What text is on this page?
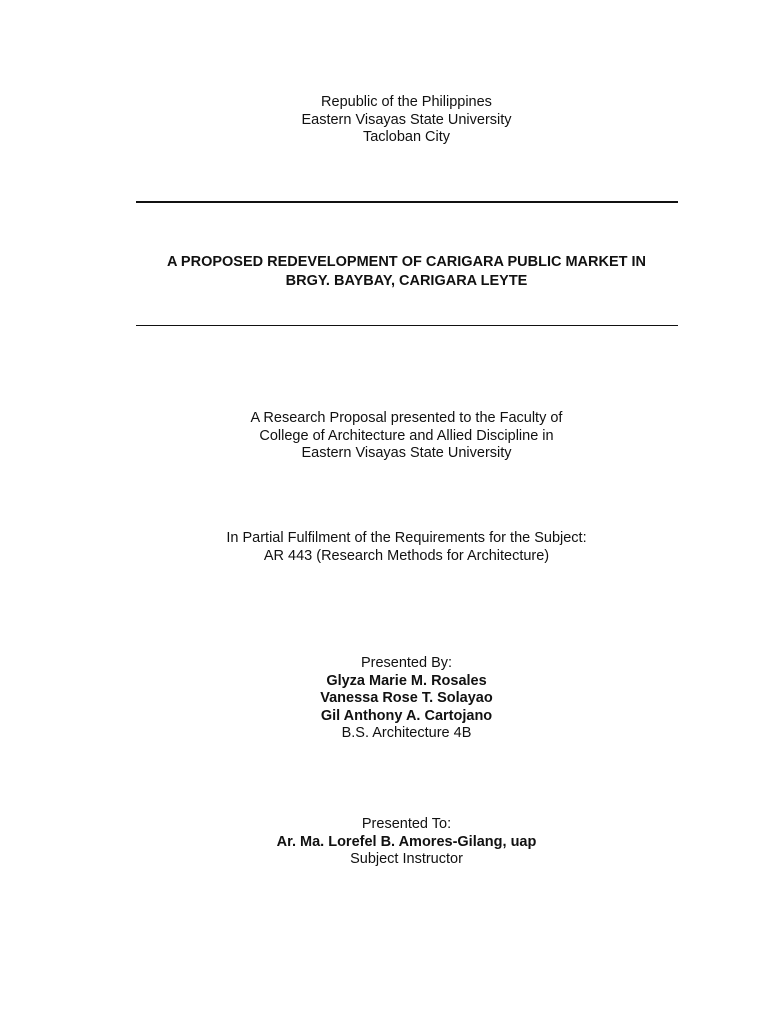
Republic of the Philippines
Eastern Visayas State University
Tacloban City
A PROPOSED REDEVELOPMENT OF CARIGARA PUBLIC MARKET IN
BRGY. BAYBAY, CARIGARA LEYTE
A Research Proposal presented to the Faculty of
College of Architecture and Allied Discipline in
Eastern Visayas State University
In Partial Fulfilment of the Requirements for the Subject:
AR 443 (Research Methods for Architecture)
Presented By:
Glyza Marie M. Rosales
Vanessa Rose T. Solayao
Gil Anthony A. Cartojano
B.S. Architecture 4B
Presented To:
Ar. Ma. Lorefel B. Amores-Gilang, uap
Subject Instructor
